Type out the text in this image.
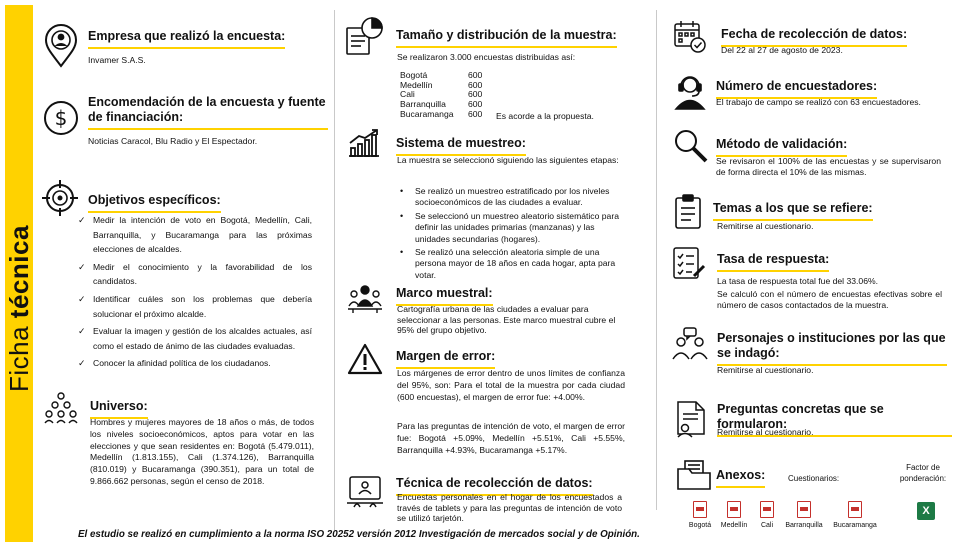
Ficha técnica
Empresa que realizó la encuesta:
Invamer S.A.S.
$
Encomendación de la encuesta y fuente de financiación:
Noticias Caracol, Blu Radio y El Espectador.
Objetivos específicos:
✓ Medir la intención de voto en Bogotá, Medellín, Cali, Barranquilla, y Bucaramanga para las próximas elecciones de alcaldes.
✓ Medir el conocimiento y la favorabilidad de los candidatos.
✓ Identificar cuáles son los problemas que debería solucionar el próximo alcalde.
✓ Evaluar la imagen y gestión de los alcaldes actuales, así como el estado de ánimo de las ciudades evaluadas.
✓ Conocer la afinidad política de los ciudadanos.
Universo:
Hombres y mujeres mayores de 18 años o más, de todos los niveles socioeconómicos, aptos para votar en las elecciones y que sean residentes en: Bogotá (5.479.011), Medellín (1.813.155), Cali (1.374.126), Barranquilla (810.019) y Bucaramanga (390.351), para un total de 9.866.662 personas, según el censo de 2018.
Tamaño y distribución de la muestra:
Se realizaron 3.000 encuestas distribuidas así:
Bogotá	600
Medellín	600
Cali	600
Barranquilla	600
Bucaramanga	600 Es acorde a la propuesta.
Sistema de muestreo:
La muestra se seleccionó siguiendo las siguientes etapas:
• Se realizó un muestreo estratificado por los niveles socioeconómicos de las ciudades a evaluar.
• Se seleccionó un muestreo aleatorio sistemático para definir las unidades primarias (manzanas) y las unidades secundarias (hogares).
• Se realizó una selección aleatoria simple de una persona mayor de 18 años en cada hogar, apta para votar.
Marco muestral:
Cartografía urbana de las ciudades a evaluar para seleccionar a las personas. Este marco muestral cubre el 95% del grupo objetivo.
Margen de error:
Los márgenes de error dentro de unos límites de confianza del 95%, son: Para el total de la muestra por cada ciudad (600 encuestas), el margen de error fue: +4.00%.
Para las preguntas de intención de voto, el margen de error fue: Bogotá +5.09%, Medellín +5.51%, Cali +5.55%, Barranquilla +4.93%, Bucaramanga +5.17%.
Técnica de recolección de datos:
Encuestas personales en el hogar de los encuestados a través de tablets y para las preguntas de intención de voto se utilizó tarjetón.
Fecha de recolección de datos:
Del 22 al 27 de agosto de 2023.
Número de encuestadores:
El trabajo de campo se realizó con 63 encuestadores.
Método de validación:
Se revisaron el 100% de las encuestas y se supervisaron de forma directa el 10% de las mismas.
Temas a los que se refiere:
Remitirse al cuestionario.
Tasa de respuesta:
La tasa de respuesta total fue del 33.06%.
Se calculó con el número de encuestas efectivas sobre el número de casos contactados de la muestra.
Personajes o instituciones por las que se indagó:
Remitirse al cuestionario.
Preguntas concretas que se formularon:
Remitirse al cuestionario.
Anexos:	Cuestionarios:
Factor de ponderación:
Bogotá	Medellín	Cali	Barranquilla	Bucaramanga
X
El estudio se realizó en cumplimiento a la norma ISO 20252 versión 2012 Investigación de mercados social y de Opinión.
